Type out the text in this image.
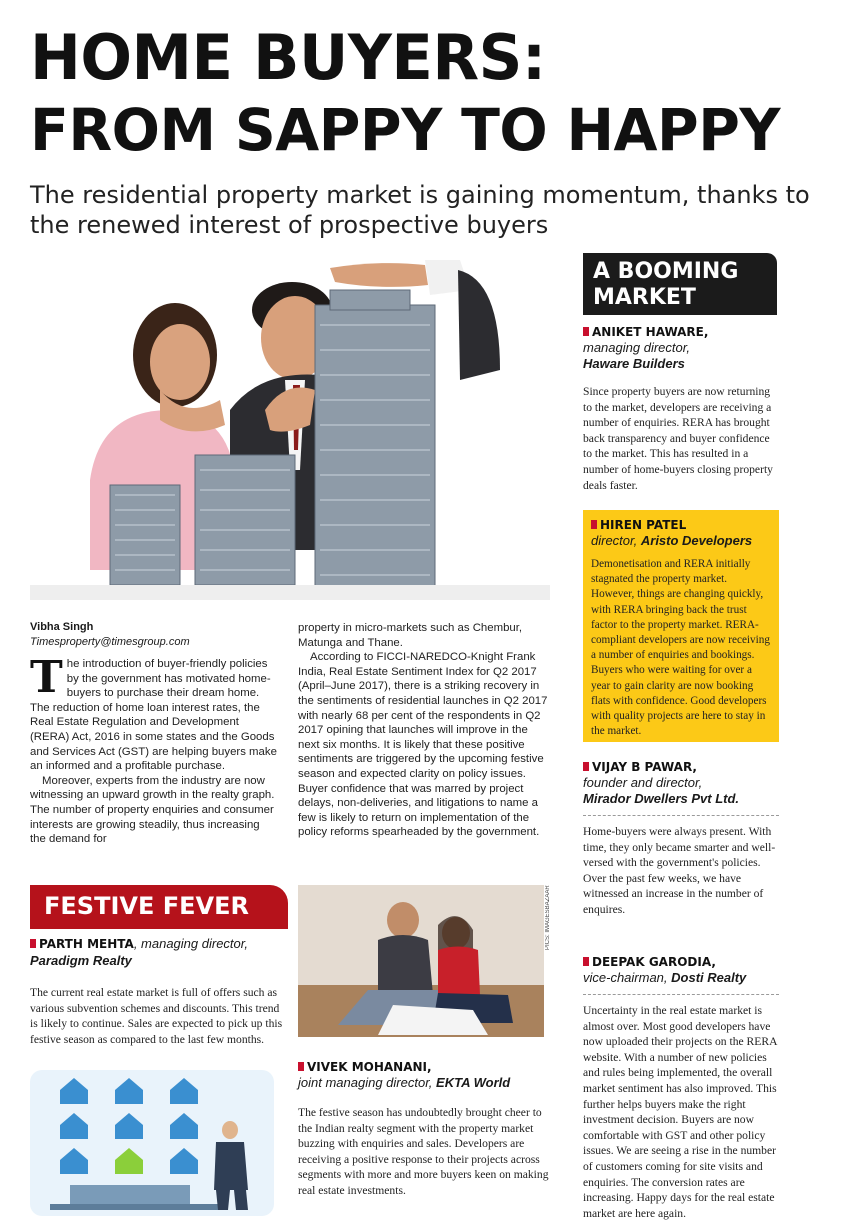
HOME BUYERS:
FROM SAPPY TO HAPPY
The residential property market is gaining momentum, thanks to the renewed interest of prospective buyers
Vibha Singh
Timesproperty@timesgroup.com

The introduction of buyer-friendly policies by the government has motivated home-buyers to purchase their dream home. The reduction of home loan interest rates, the Real Estate Regulation and Development (RERA) Act, 2016 in some states and the Goods and Services Act (GST) are helping buyers make an informed and a profitable purchase.

Moreover, experts from the industry are now witnessing an upward growth in the realty graph. The number of property enquiries and consumer interests are growing steadily, thus increasing the demand for

property in micro-markets such as Chembur, Matunga and Thane.

According to FICCI-NAREDCO-Knight Frank India, Real Estate Sentiment Index for Q2 2017 (April–June 2017), there is a striking recovery in the sentiments of residential launches in Q2 2017 with nearly 68 per cent of the respondents in Q2 2017 opining that launches will improve in the next six months. It is likely that these positive sentiments are triggered by the upcoming festive season and expected clarity on policy issues. Buyer confidence that was marred by project delays, non-deliveries, and litigations to name a few is likely to return on implementation of the policy reforms spearheaded by the government.

A BOOMING
MARKET
ANIKET HAWARE,
managing director,
Haware Builders
Since property buyers are now returning to the market, developers are receiving a number of enquiries. RERA has brought back transparency and buyer confidence to the market. This has resulted in a number of home-buyers closing property deals faster.
HIREN PATEL
director, Aristo Developers
Demonetisation and RERA initially stagnated the property market. However, things are changing quickly, with RERA bringing back the trust factor to the property market. RERA-compliant developers are now receiving a number of enquiries and bookings. Buyers who were waiting for over a year to gain clarity are now booking flats with confidence. Good developers with quality projects are here to stay in the market.
VIJAY B PAWAR,
founder and director,
Mirador Dwellers Pvt Ltd.
Home-buyers were always present. With time, they only became smarter and well-versed with the government's policies. Over the past few weeks, we have witnessed an increase in the number of enquires.
DEEPAK GARODIA,
vice-chairman, Dosti Realty
Uncertainty in the real estate market is almost over. Most good developers have now uploaded their projects on the RERA website. With a number of new policies and rules being implemented, the overall market sentiment has also improved. This further helps buyers make the right investment decision. Buyers are now comfortable with GST and other policy issues. We are seeing a rise in the number of customers coming for site visits and enquiries. The conversion rates are increasing. Happy days for the real estate market are here again.
FESTIVE FEVER
PARTH MEHTA, managing director,
Paradigm Realty
The current real estate market is full of offers such as various subvention schemes and discounts. This trend is likely to continue. Sales are expected to pick up this festive season as compared to the last few months.
PICS: IMAGESBAZAAR
VIVEK MOHANANI,
joint managing director, EKTA World
The festive season has undoubtedly brought cheer to the Indian realty segment with the property market buzzing with enquiries and sales. Developers are receiving a positive response to their projects across segments with more and more buyers keen on making real estate investments.
